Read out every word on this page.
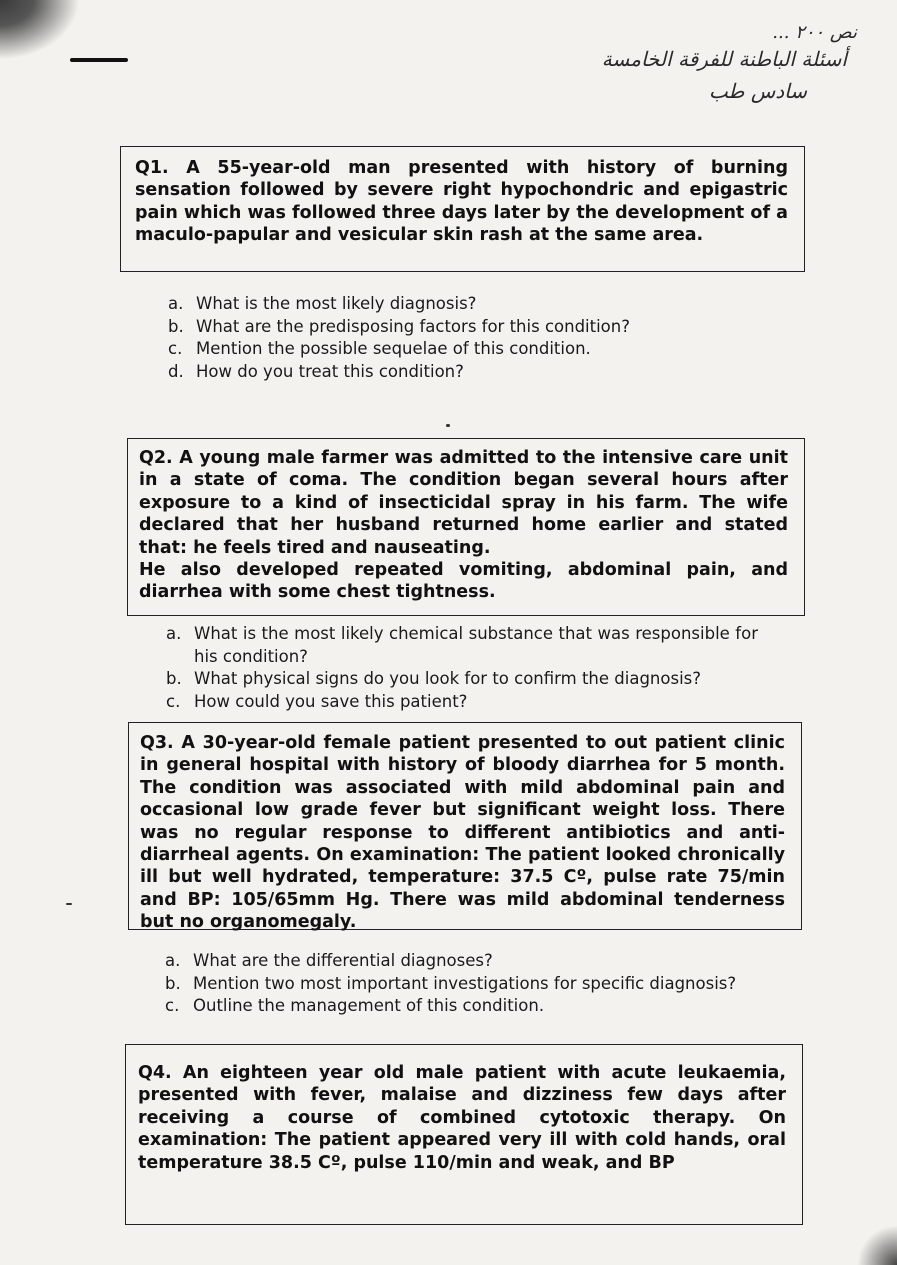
نص ٢٠٠ ...
أسئلة الباطنة للفرقة الخامسة
سادس طب

Q1. A 55-year-old man presented with history of burning sensation followed by severe right hypochondric and epigastric pain which was followed three days later by the development of a maculo-papular and vesicular skin rash at the same area.

a. What is the most likely diagnosis?
b. What are the predisposing factors for this condition?
c. Mention the possible sequelae of this condition.
d. How do you treat this condition?

Q2. A young male farmer was admitted to the intensive care unit in a state of coma. The condition began several hours after exposure to a kind of insecticidal spray in his farm. The wife declared that her husband returned home earlier and stated that: he feels tired and nauseating.

He also developed repeated vomiting, abdominal pain, and diarrhea with some chest tightness.

a. What is the most likely chemical substance that was responsible for his condition?
b. What physical signs do you look for to confirm the diagnosis?
c. How could you save this patient?

Q3. A 30-year-old female patient presented to out patient clinic in general hospital with history of bloody diarrhea for 5 month. The condition was associated with mild abdominal pain and occasional low grade fever but significant weight loss. There was no regular response to different antibiotics and anti-diarrheal agents. On examination: The patient looked chronically ill but well hydrated, temperature: 37.5 Cº, pulse rate 75/min and BP: 105/65mm Hg. There was mild abdominal tenderness but no organomegaly.

a. What are the differential diagnoses?
b. Mention two most important investigations for specific diagnosis?
c. Outline the management of this condition.

Q4. An eighteen year old male patient with acute leukaemia, presented with fever, malaise and dizziness few days after receiving a course of combined cytotoxic therapy. On examination: The patient appeared very ill with cold hands, oral temperature 38.5 Cº, pulse 110/min and weak, and BP
